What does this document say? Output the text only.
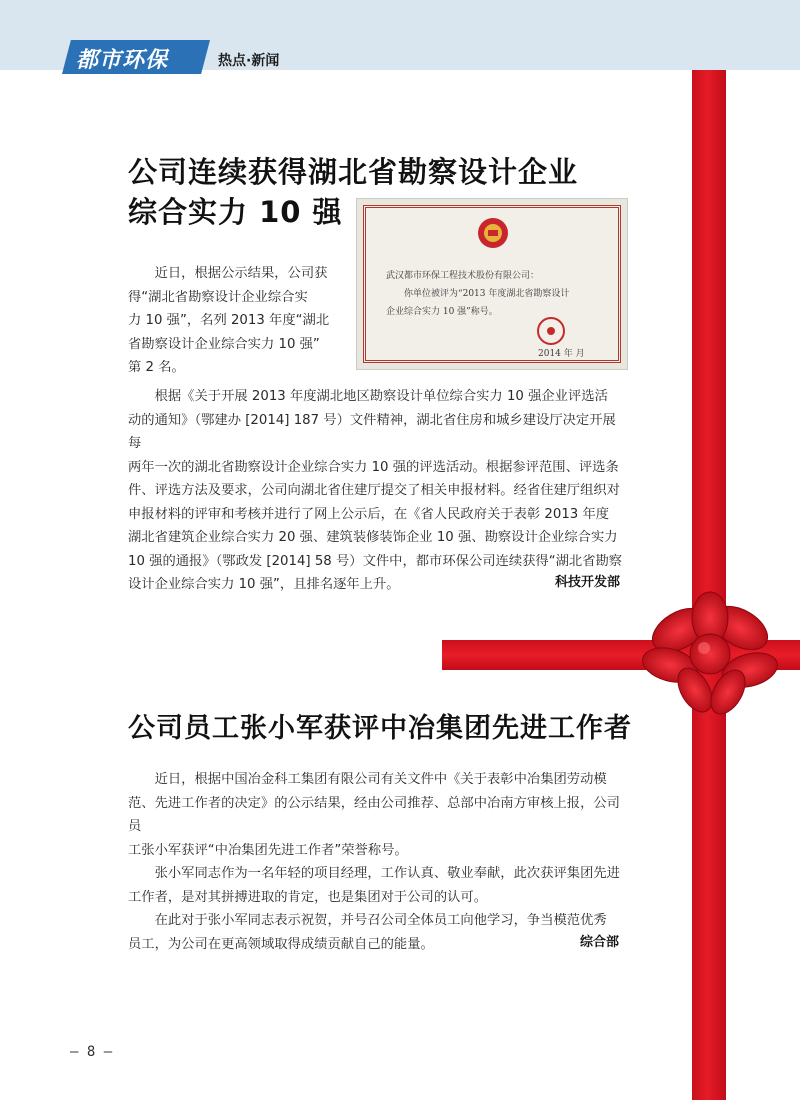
都市环保	热点·新闻
公司连续获得湖北省勘察设计企业
综合实力 10 强
武汉都市环保工程技术股份有限公司：
你单位被评为“2013 年度湖北省勘察设计
企业综合实力 10 强”称号。
2014 年 月
近日，根据公示结果，公司获
得“湖北省勘察设计企业综合实
力 10 强”，名列 2013 年度“湖北
省勘察设计企业综合实力 10 强”
第 2 名。
根据《关于开展 2013 年度湖北地区勘察设计单位综合实力 10 强企业评选活
动的通知》（鄂建办 [2014] 187 号）文件精神，湖北省住房和城乡建设厅决定开展每
两年一次的湖北省勘察设计企业综合实力 10 强的评选活动。根据参评范围、评选条
件、评选方法及要求，公司向湖北省住建厅提交了相关申报材料。经省住建厅组织对
申报材料的评审和考核并进行了网上公示后，在《省人民政府关于表彰 2013 年度
湖北省建筑企业综合实力 20 强、建筑装修装饰企业 10 强、勘察设计企业综合实力
10 强的通报》（鄂政发 [2014] 58 号）文件中，都市环保公司连续获得“湖北省勘察
设计企业综合实力 10 强”，且排名逐年上升。	科技开发部
公司员工张小军获评中冶集团先进工作者
近日，根据中国冶金科工集团有限公司有关文件中《关于表彰中冶集团劳动模
范、先进工作者的决定》的公示结果，经由公司推荐、总部中冶南方审核上报，公司员
工张小军获评“中冶集团先进工作者”荣誉称号。
张小军同志作为一名年轻的项目经理，工作认真、敬业奉献，此次获评集团先进
工作者，是对其拼搏进取的肯定，也是集团对于公司的认可。
在此对于张小军同志表示祝贺，并号召公司全体员工向他学习，争当模范优秀
员工，为公司在更高领域取得成绩贡献自己的能量。	综合部
– 8 –
